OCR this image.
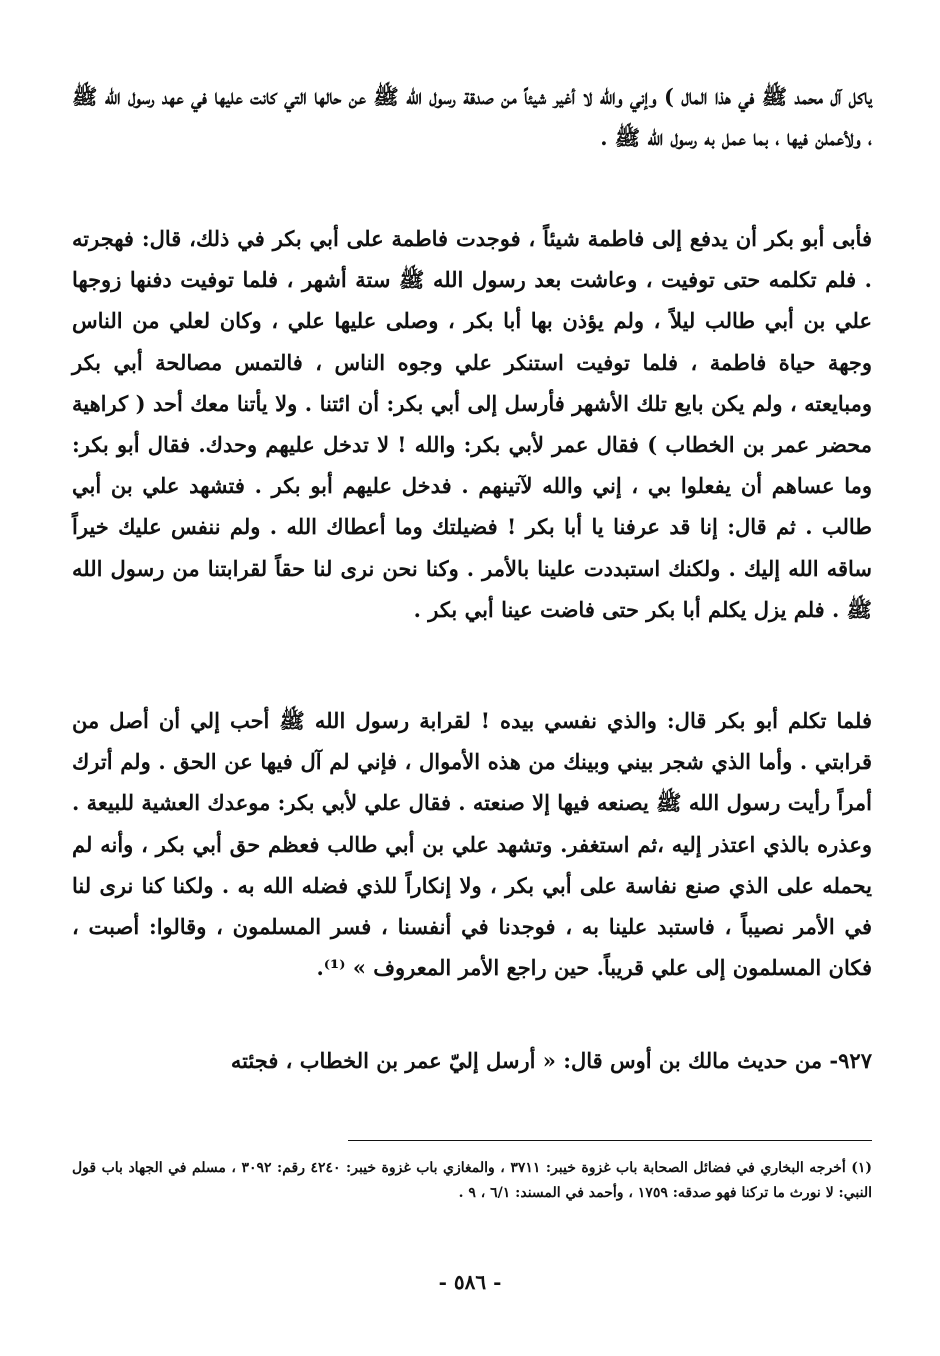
ياكل آل محمد ﷺ في هذا المال ) وإني والله لا أغير شيئاً من صدقة رسول الله ﷺ عن حالها التي كانت عليها في عهد رسول الله ﷺ ، ولأعملن فيها ، بما عمل به رسول الله ﷺ .

فأبى أبو بكر أن يدفع إلى فاطمة شيئاً ، فوجدت فاطمة على أبي بكر في ذلك، قال: فهجرته . فلم تكلمه حتى توفيت ، وعاشت بعد رسول الله ﷺ ستة أشهر ، فلما توفيت دفنها زوجها علي بن أبي طالب ليلاً ، ولم يؤذن بها أبا بكر ، وصلى عليها علي ، وكان لعلي من الناس وجهة حياة فاطمة ، فلما توفيت استنكر علي وجوه الناس ، فالتمس مصالحة أبي بكر ومبايعته ، ولم يكن بايع تلك الأشهر فأرسل إلى أبي بكر: أن ائتنا . ولا يأتنا معك أحد ( كراهية محضر عمر بن الخطاب ) فقال عمر لأبي بكر: والله ! لا تدخل عليهم وحدك. فقال أبو بكر: وما عساهم أن يفعلوا بي ، إني والله لآتينهم . فدخل عليهم أبو بكر . فتشهد علي بن أبي طالب . ثم قال: إنا قد عرفنا يا أبا بكر ! فضيلتك وما أعطاك الله . ولم ننفس عليك خيراً ساقه الله إليك . ولكنك استبددت علينا بالأمر . وكنا نحن نرى لنا حقاً لقرابتنا من رسول الله ﷺ . فلم يزل يكلم أبا بكر حتى فاضت عينا أبي بكر .

فلما تكلم أبو بكر قال: والذي نفسي بيده ! لقرابة رسول الله ﷺ أحب إلي أن أصل من قرابتي . وأما الذي شجر بيني وبينك من هذه الأموال ، فإني لم آل فيها عن الحق . ولم أترك أمراً رأيت رسول الله ﷺ يصنعه فيها إلا صنعته . فقال علي لأبي بكر: موعدك العشية للبيعة . وعذره بالذي اعتذر إليه ،ثم استغفر. وتشهد علي بن أبي طالب فعظم حق أبي بكر ، وأنه لم يحمله على الذي صنع نفاسة على أبي بكر ، ولا إنكاراً للذي فضله الله به . ولكنا كنا نرى لنا في الأمر نصيباً ، فاستبد علينا به ، فوجدنا في أنفسنا ، فسر المسلمون ، وقالوا: أصبت ، فكان المسلمون إلى علي قريباً. حين راجع الأمر المعروف » ⁽¹⁾.

٩٢٧- من حديث مالك بن أوس قال: « أرسل إليّ عمر بن الخطاب ، فجئته

(١) أخرجه البخاري في فضائل الصحابة باب غزوة خيبر: ٣٧١١ ، والمغازي باب غزوة خيبر: ٤٢٤٠ رقم: ٣٠٩٢ ، مسلم في الجهاد باب قول النبي: لا نورث ما تركنا فهو صدقه: ١٧٥٩ ، وأحمد في المسند: ٦/١ ، ٩ .

- ٥٨٦ -
